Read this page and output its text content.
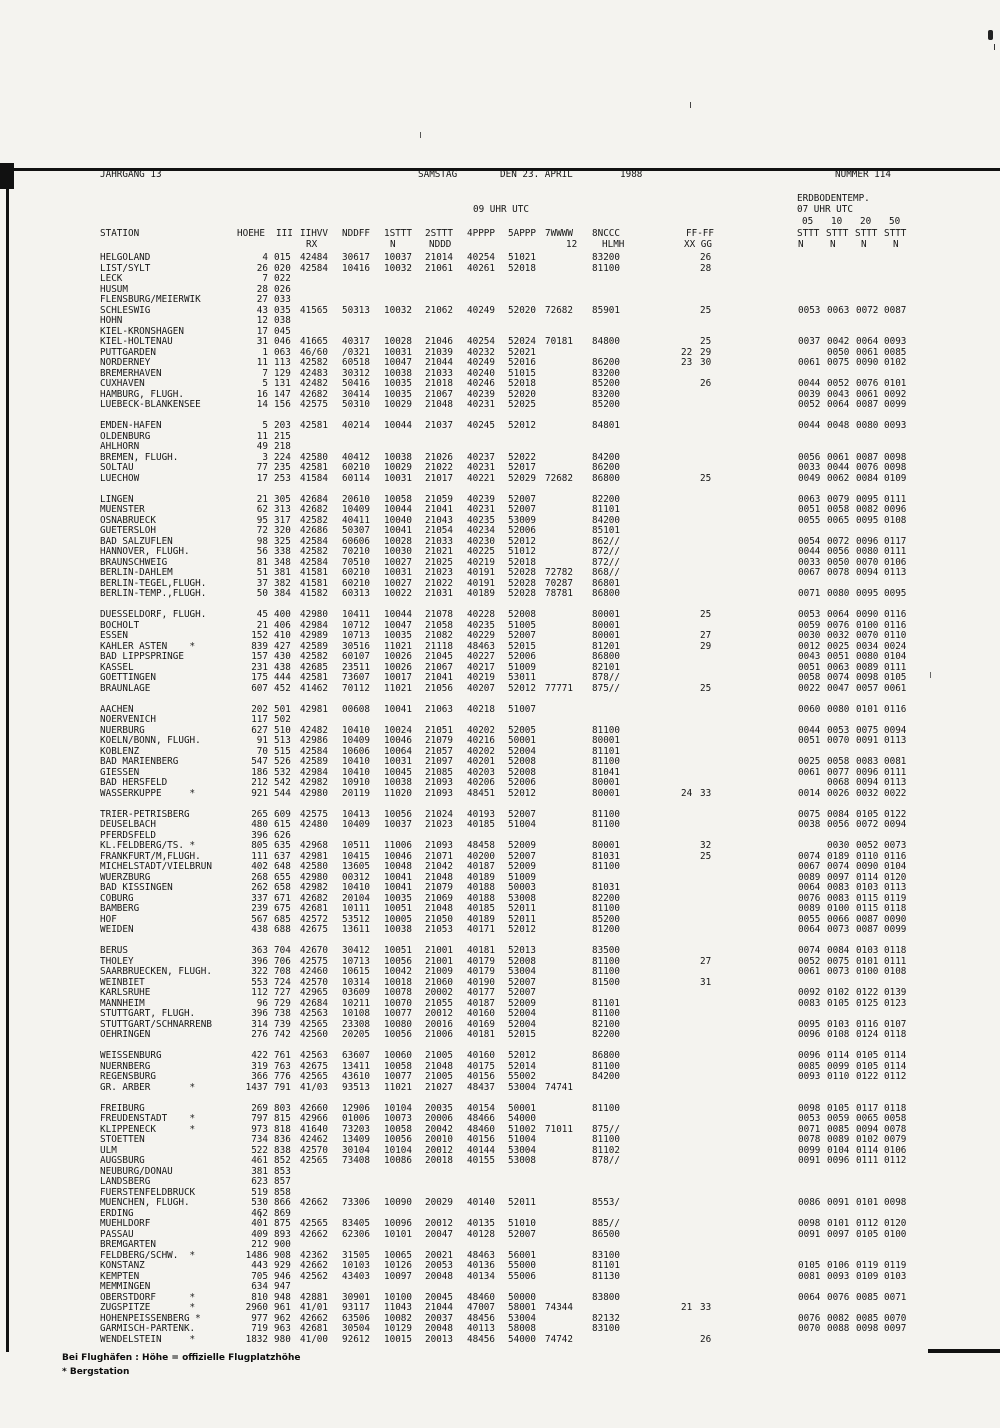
JAHRGANG 13	SAMSTAG	DEN 23. APRIL	1988	NUMMER 114
ERDBODENTEMP.
09 UHR UTC	07 UHR UTC
05 10 20 50
STATION	HOEHE III IIHVV NDDFF 1STTT 2STTT 4PPPP 5APPP 7WWWW 8NCCC	FF-FF	STTT STTT STTT STTT
RX	N	NDDD	12	HLMH	XX GG	N	N	N	N
HELGOLAND	4 015 42484 30617 10037 21014 40254 51021	83200	26
LIST/SYLT	26 020 42584 10416 10032 21061 40261 52018	81100	28
LECK	7 022
HUSUM	28 026
FLENSBURG/MEIERWIK	27 033
SCHLESWIG	43 035 41565 50313 10032 21062 40249 52020 72682 85901	25	0053 0063 0072 0087
HOHN	12 038
KIEL-KRONSHAGEN	17 045
KIEL-HOLTENAU	31 046 41665 40317 10028 21046 40254 52024 70181 84800	25	0037 0042 0064 0093
PUTTGARDEN	1 063 46/60 /0321 10031 21039 40232 52021	22 29	0050 0061 0085
NORDERNEY	11 113 42582 60518 10047 21044 40249 52016	86200	23 30	0061 0075 0090 0102
BREMERHAVEN	7 129 42483 30312 10038 21033 40240 51015	83200
CUXHAVEN	5 131 42482 50416 10035 21018 40246 52018	85200	26	0044 0052 0076 0101
HAMBURG, FLUGH.	16 147 42682 30414 10035 21067 40239 52020	83200	0039 0043 0061 0092
LUEBECK-BLANKENSEE	14 156 42575 50310 10029 21048 40231 52025	85200	0052 0064 0087 0099
EMDEN-HAFEN	5 203 42581 40214 10044 21037 40245 52012	84801	0044 0048 0080 0093
OLDENBURG	11 215
AHLHORN	49 218
BREMEN, FLUGH.	3 224 42580 40412 10038 21026 40237 52022	84200	0056 0061 0087 0098
SOLTAU	77 235 42581 60210 10029 21022 40231 52017	86200	0033 0044 0076 0098
LUECHOW	17 253 41584 60114 10031 21017 40221 52029 72682 86800	25	0049 0062 0084 0109
LINGEN	21 305 42684 20610 10058 21059 40239 52007	82200	0063 0079 0095 0111
MUENSTER	62 313 42682 10409 10044 21041 40231 52007	81101	0051 0058 0082 0096
OSNABRUECK	95 317 42582 40411 10040 21043 40235 53009	84200	0055 0065 0095 0108
GUETERSLOH	72 320 42686 50307 10041 21054 40234 52006	85101
BAD SALZUFLEN	98 325 42584 60606 10028 21033 40230 52012	862//	0054 0072 0096 0117
HANNOVER, FLUGH.	56 338 42582 70210 10030 21021 40225 51012	872//	0044 0056 0080 0111
BRAUNSCHWEIG	81 348 42584 70510 10027 21025 40219 52018	872//	0033 0050 0070 0106
BERLIN-DAHLEM	51 381 41581 60210 10031 21023 40191 52028 72782 868//	0067 0078 0094 0113
BERLIN-TEGEL,FLUGH.	37 382 41581 60210 10027 21022 40191 52028 70287 86801
BERLIN-TEMP.,FLUGH.	50 384 41582 60313 10022 21031 40189 52028 78781 86800	0071 0080 0095 0095
DUESSELDORF, FLUGH.	45 400 42980 10411 10044 21078 40228 52008	80001	25	0053 0064 0090 0116
BOCHOLT	21 406 42984 10712 10047 21058 40235 51005	80001	0059 0076 0100 0116
ESSEN	152 410 42989 10713 10035 21082 40229 52007	80001	27	0030 0032 0070 0110
KAHLER ASTEN    *	839 427 42589 30516 11021 21118 48463 52015	81201	29	0012 0025 0034 0024
BAD LIPPSPRINGE	157 430 42582 60107 10026 21045 40227 52006	86800	0043 0051 0080 0104
KASSEL	231 438 42685 23511 10026 21067 40217 51009	82101	0051 0063 0089 0111
GOETTINGEN	175 444 42581 73607 10017 21041 40219 53011	878//	0058 0074 0098 0105
BRAUNLAGE	607 452 41462 70112 11021 21056 40207 52012 77771 875//	25	0022 0047 0057 0061
AACHEN	202 501 42981 00608 10041 21063 40218 51007	0060 0080 0101 0116
NOERVENICH	117 502
NUERBURG	627 510 42482 10410 10024 21051 40202 52005	81100	0044 0053 0075 0094
KOELN/BONN, FLUGH.	91 513 42986 10409 10046 21079 40216 50001	80001	0051 0070 0091 0113
KOBLENZ	70 515 42584 10606 10064 21057 40202 52004	81101
BAD MARIENBERG	547 526 42589 10410 10031 21097 40201 52008	81100	0025 0058 0083 0081
GIESSEN	186 532 42984 10410 10045 21085 40203 52008	81041	0061 0077 0096 0111
BAD HERSFELD	212 542 42982 10910 10038 21093 40206 52006	80001	0068 0094 0113
WASSERKUPPE     *	921 544 42980 20119 11020 21093 48451 52012	80001	24 33	0014 0026 0032 0022
TRIER-PETRISBERG	265 609 42575 10413 10056 21024 40193 52007	81100	0075 0084 0105 0122
DEUSELBACH	480 615 42480 10409 10037 21023 40185 51004	81100	0038 0056 0072 0094
PFERDSFELD	396 626
KL.FELDBERG/TS. *	805 635 42968 10511 11006 21093 48458 52009	80001	32	0030 0052 0073
FRANKFURT/M,FLUGH.	111 637 42981 10415 10046 21071 40200 52007	81031	25	0074 0189 0110 0116
MICHELSTADT/VIELBRUN	402 648 42580 13605 10048 21042 40187 52009	81100	0067 0074 0090 0104
WUERZBURG	268 655 42980 00312 10041 21048 40189 51009	0089 0097 0114 0120
BAD KISSINGEN	262 658 42982 10410 10041 21079 40188 50003	81031	0064 0083 0103 0113
COBURG	337 671 42682 20104 10035 21069 40188 53008	82200	0076 0083 0115 0119
BAMBERG	239 675 42681 10111 10051 21048 40185 52011	81100	0089 0100 0115 0118
HOF	567 685 42572 53512 10005 21050 40189 52011	85200	0055 0066 0087 0090
WEIDEN	438 688 42675 13611 10038 21053 40171 52012	81200	0064 0073 0087 0099
BERUS	363 704 42670 30412 10051 21001 40181 52013	83500	0074 0084 0103 0118
THOLEY	396 706 42575 10713 10056 21001 40179 52008	81100	27	0052 0075 0101 0111
SAARBRUECKEN, FLUGH.	322 708 42460 10615 10042 21009 40179 53004	81100	0061 0073 0100 0108
WEINBIET	553 724 42570 10314 10018 21060 40190 52007	81500	31
KARLSRUHE	112 727 42965 03609 10078 20002 40177 52007	0092 0102 0122 0139
MANNHEIM	96 729 42684 10211 10070 21055 40187 52009	81101	0083 0105 0125 0123
STUTTGART, FLUGH.	396 738 42563 10108 10077 20012 40160 52004	81100
STUTTGART/SCHNARRENB	314 739 42565 23308 10080 20016 40169 52004	82100	0095 0103 0116 0107
OEHRINGEN	276 742 42560 20205 10056 21006 40181 52015	82200	0096 0108 0124 0118
WEISSENBURG	422 761 42563 63607 10060 21005 40160 52012	86800	0096 0114 0105 0114
NUERNBERG	319 763 42675 13411 10058 21048 40175 52014	81100	0085 0099 0105 0114
REGENSBURG	366 776 42565 43610 10077 21005 40156 55002	84200	0093 0110 0122 0112
GR. ARBER       *	1437 791 41/03 93513 11021 21027 48437 53004 74741
FREIBURG	269 803 42660 12906 10104 20035 40154 50001	81100	0098 0105 0117 0118
FREUDENSTADT    *	797 815 42966 01006 10073 20006 48466 54000	0053 0059 0065 0058
KLIPPENECK      *	973 818 41640 73203 10058 20042 48460 51002 71011 875//	0071 0085 0094 0078
STOETTEN	734 836 42462 13409 10056 20010 40156 51004	81100	0078 0089 0102 0079
ULM	522 838 42570 30104 10104 20012 40144 53004	81102	0099 0104 0114 0106
AUGSBURG	461 852 42565 73408 10086 20018 40155 53008	878//	0091 0096 0111 0112
NEUBURG/DONAU	381 853
LANDSBERG	623 857
FUERSTENFELDBRUCK	519 858
MUENCHEN, FLUGH.	530 866 42662 73306 10090 20029 40140 52011	8553/	0086 0091 0101 0098
ERDING	462 869
MUEHLDORF	401 875 42565 83405 10096 20012 40135 51010	885//	0098 0101 0112 0120
PASSAU	409 893 42662 62306 10101 20047 40128 52007	86500	0091 0097 0105 0100
BREMGARTEN	212 900
FELDBERG/SCHW.  *	1486 908 42362 31505 10065 20021 48463 56001	83100
KONSTANZ	443 929 42662 10103 10126 20053 40136 55000	81101	0105 0106 0119 0119
KEMPTEN	705 946 42562 43403 10097 20048 40134 55006	81130	0081 0093 0109 0103
MEMMINGEN	634 947
OBERSTDORF      *	810 948 42881 30901 10100 20045 48460 50000	83800	0064 0076 0085 0071
ZUGSPITZE       *	2960 961 41/01 93117 11043 21044 47007 58001 74344	21 33
HOHENPEISSENBERG *	977 962 42662 63506 10082 20037 48456 53004	82132	0076 0082 0085 0070
GARMISCH-PARTENK.	719 963 42681 30504 10129 20048 40113 58008	83100	0070 0088 0098 0097
WENDELSTEIN     *	1832 980 41/00 92612 10015 20013 48456 54000 74742	26
Bei Flughäfen : Höhe = offizielle Flugplatzhöhe
* Bergstation
